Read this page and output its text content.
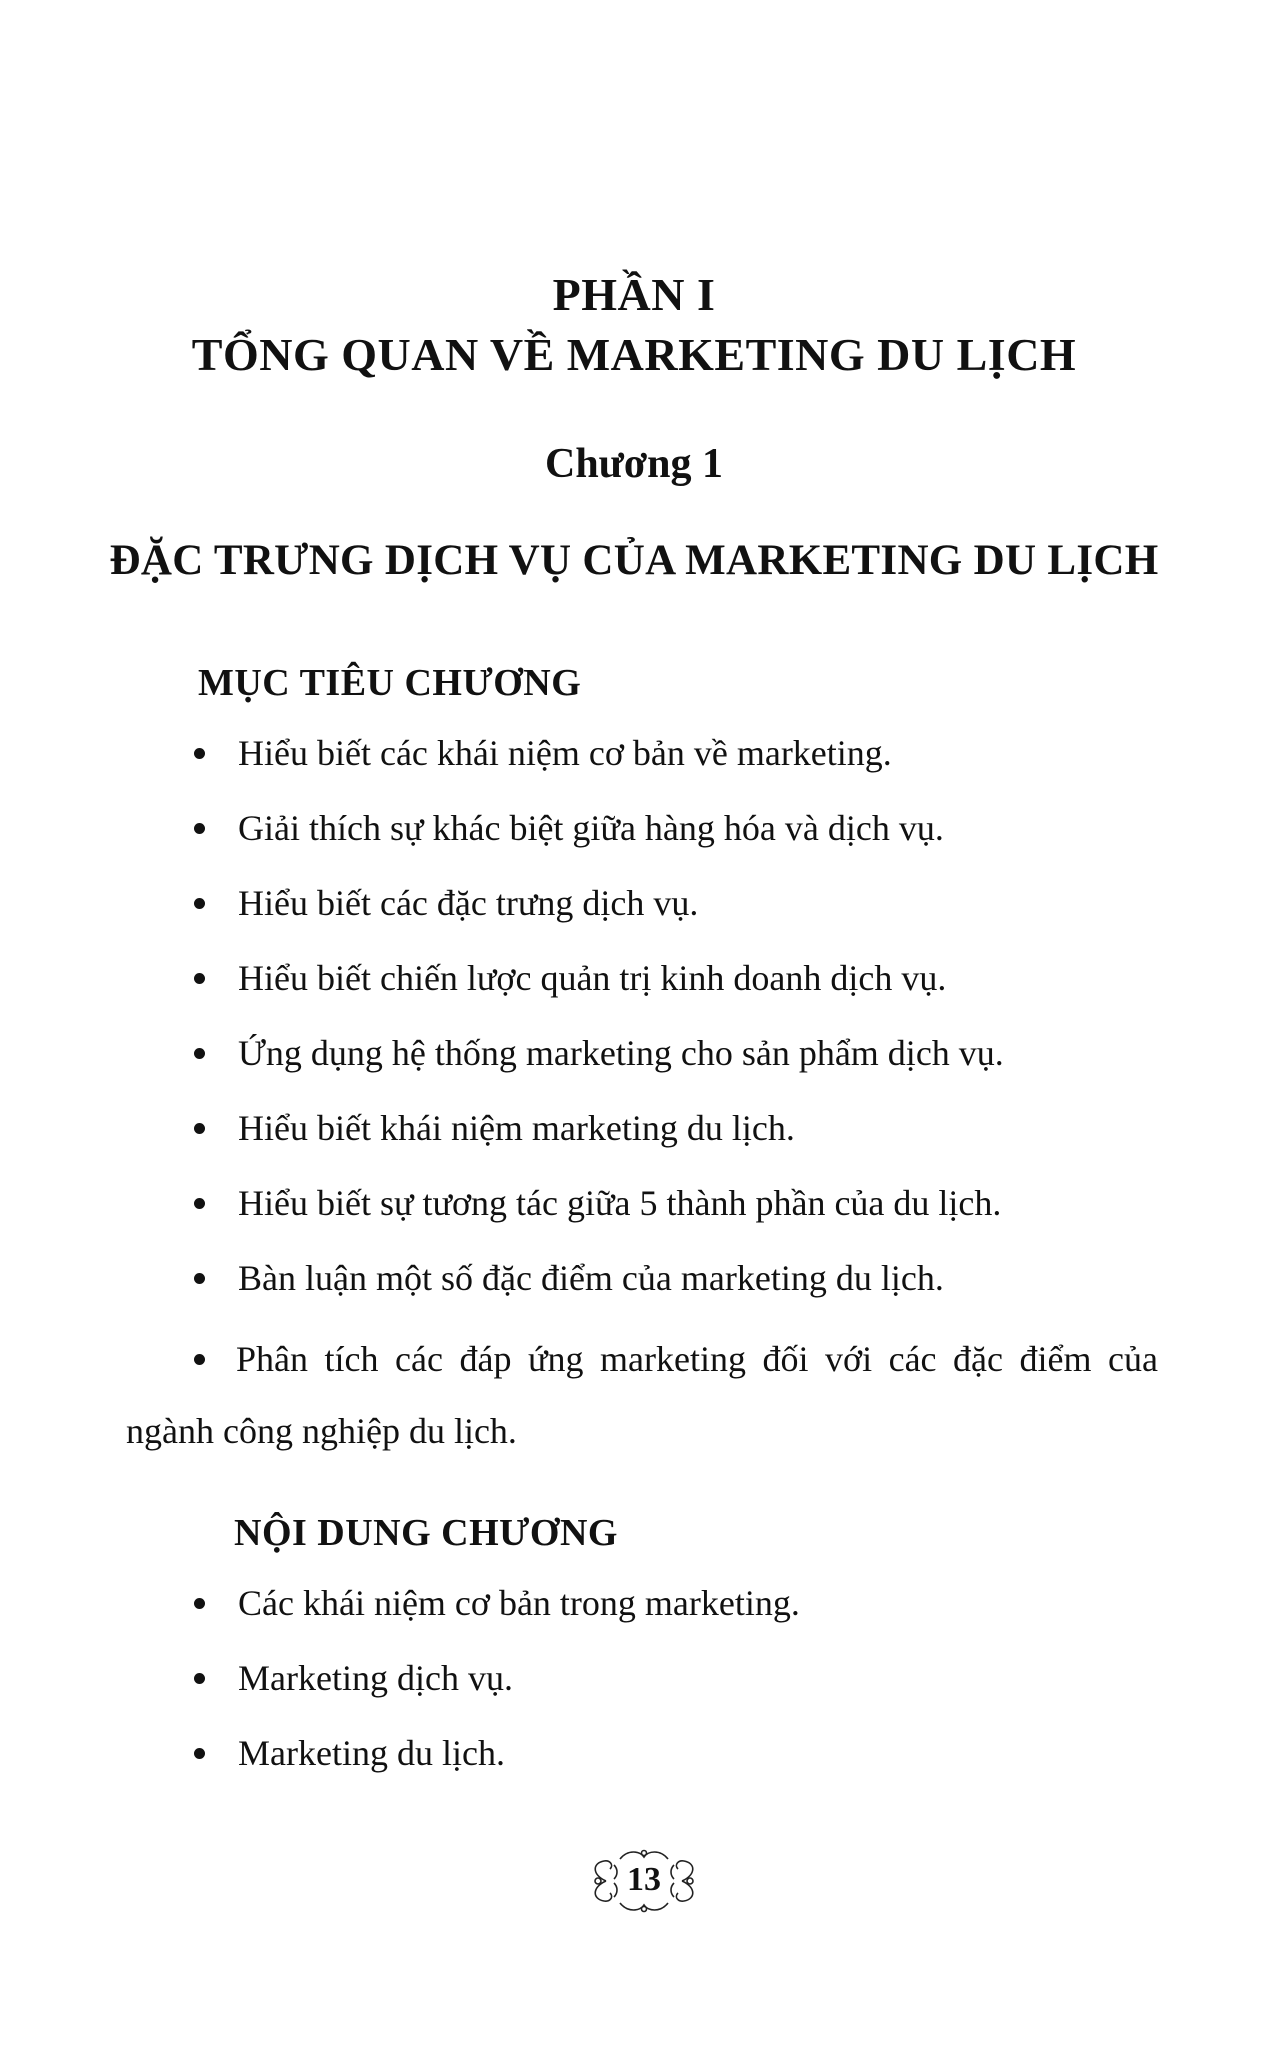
PHẦN I
TỔNG QUAN VỀ MARKETING DU LỊCH
Chương 1
ĐẶC TRƯNG DỊCH VỤ CỦA MARKETING DU LỊCH
MỤC TIÊU CHƯƠNG
Hiểu biết các khái niệm cơ bản về marketing.
Giải thích sự khác biệt giữa hàng hóa và dịch vụ.
Hiểu biết các đặc trưng dịch vụ.
Hiểu biết chiến lược quản trị kinh doanh dịch vụ.
Ứng dụng hệ thống marketing cho sản phẩm dịch vụ.
Hiểu biết khái niệm marketing du lịch.
Hiểu biết sự tương tác giữa 5 thành phần của du lịch.
Bàn luận một số đặc điểm của marketing du lịch.
Phân tích các đáp ứng marketing đối với các đặc điểm của ngành công nghiệp du lịch.
NỘI DUNG CHƯƠNG
Các khái niệm cơ bản trong marketing.
Marketing dịch vụ.
Marketing du lịch.
13
